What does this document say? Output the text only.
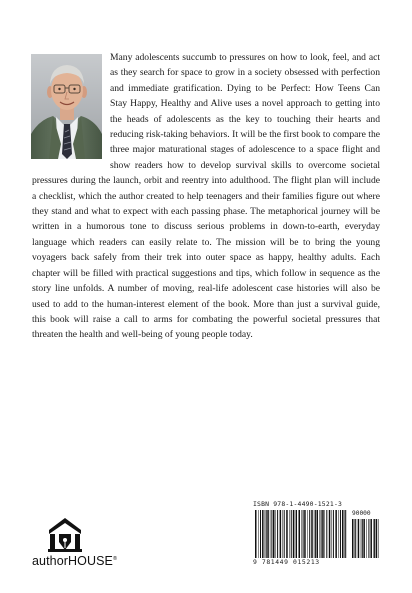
Many adolescents succumb to pressures on how to look, feel, and act as they search for space to grow in a society obsessed with perfection and immediate gratification. Dying to be Perfect: How Teens Can Stay Happy, Healthy and Alive uses a novel approach to getting into the heads of adolescents as the key to touching their hearts and reducing risk-taking behaviors. It will be the first book to compare the three major maturational stages of adolescence to a space flight and show readers how to develop survival skills to overcome societal pressures during the launch, orbit and reentry into adulthood. The flight plan will include a checklist, which the author created to help teenagers and their families figure out where they stand and what to expect with each passing phase. The metaphorical journey will be written in a humorous tone to discuss serious problems in down-to-earth, everyday language which readers can easily relate to. The mission will be to bring the young voyagers back safely from their trek into outer space as happy, healthy adults. Each chapter will be filled with practical suggestions and tips, which follow in sequence as the story line unfolds. A number of moving, real-life adolescent case histories will also be used to add to the human-interest element of the book. More than just a survival guide, this book will raise a call to arms for combating the powerful societal pressures that threaten the health and well-being of young people today.

ISBN 978-1-4490-1521-3
90000
9 781449 015213
authorHOUSE®
